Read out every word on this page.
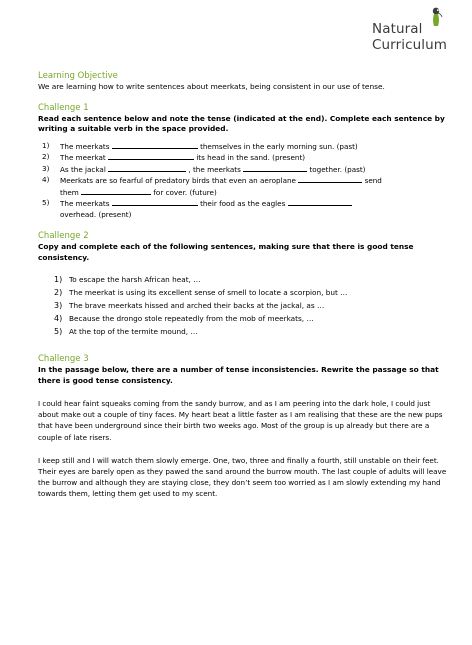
Natural
Curriculum
Learning Objective
We are learning how to write sentences about meerkats, being consistent in our use of tense.
Challenge 1
Read each sentence below and note the tense (indicated at the end). Complete each sentence by writing a suitable verb in the space provided.
1) The meerkats	themselves in the early morning sun. (past)
2) The meerkat	its head in the sand. (present)
3) As the jackal	, the meerkats	together. (past)
4) Meerkats are so fearful of predatory birds that even an aeroplane	send
them	for cover. (future)
5) The meerkats	their food as the eagles
overhead. (present)
Challenge 2
Copy and complete each of the following sentences, making sure that there is good tense consistency.
1) To escape the harsh African heat, …
2) The meerkat is using its excellent sense of smell to locate a scorpion, but …
3) The brave meerkats hissed and arched their backs at the jackal, as …
4) Because the drongo stole repeatedly from the mob of meerkats, …
5) At the top of the termite mound, …
Challenge 3
In the passage below, there are a number of tense inconsistencies. Rewrite the passage so that there is good tense consistency.
I could hear faint squeaks coming from the sandy burrow, and as I am peering into the dark hole, I could just about make out a couple of tiny faces. My heart beat a little faster as I am realising that these are the new pups that have been underground since their birth two weeks ago. Most of the group is up already but there are a couple of late risers.
I keep still and I will watch them slowly emerge. One, two, three and finally a fourth, still unstable on their feet. Their eyes are barely open as they pawed the sand around the burrow mouth. The last couple of adults will leave the burrow and although they are staying close, they don’t seem too worried as I am slowly extending my hand towards them, letting them get used to my scent.
